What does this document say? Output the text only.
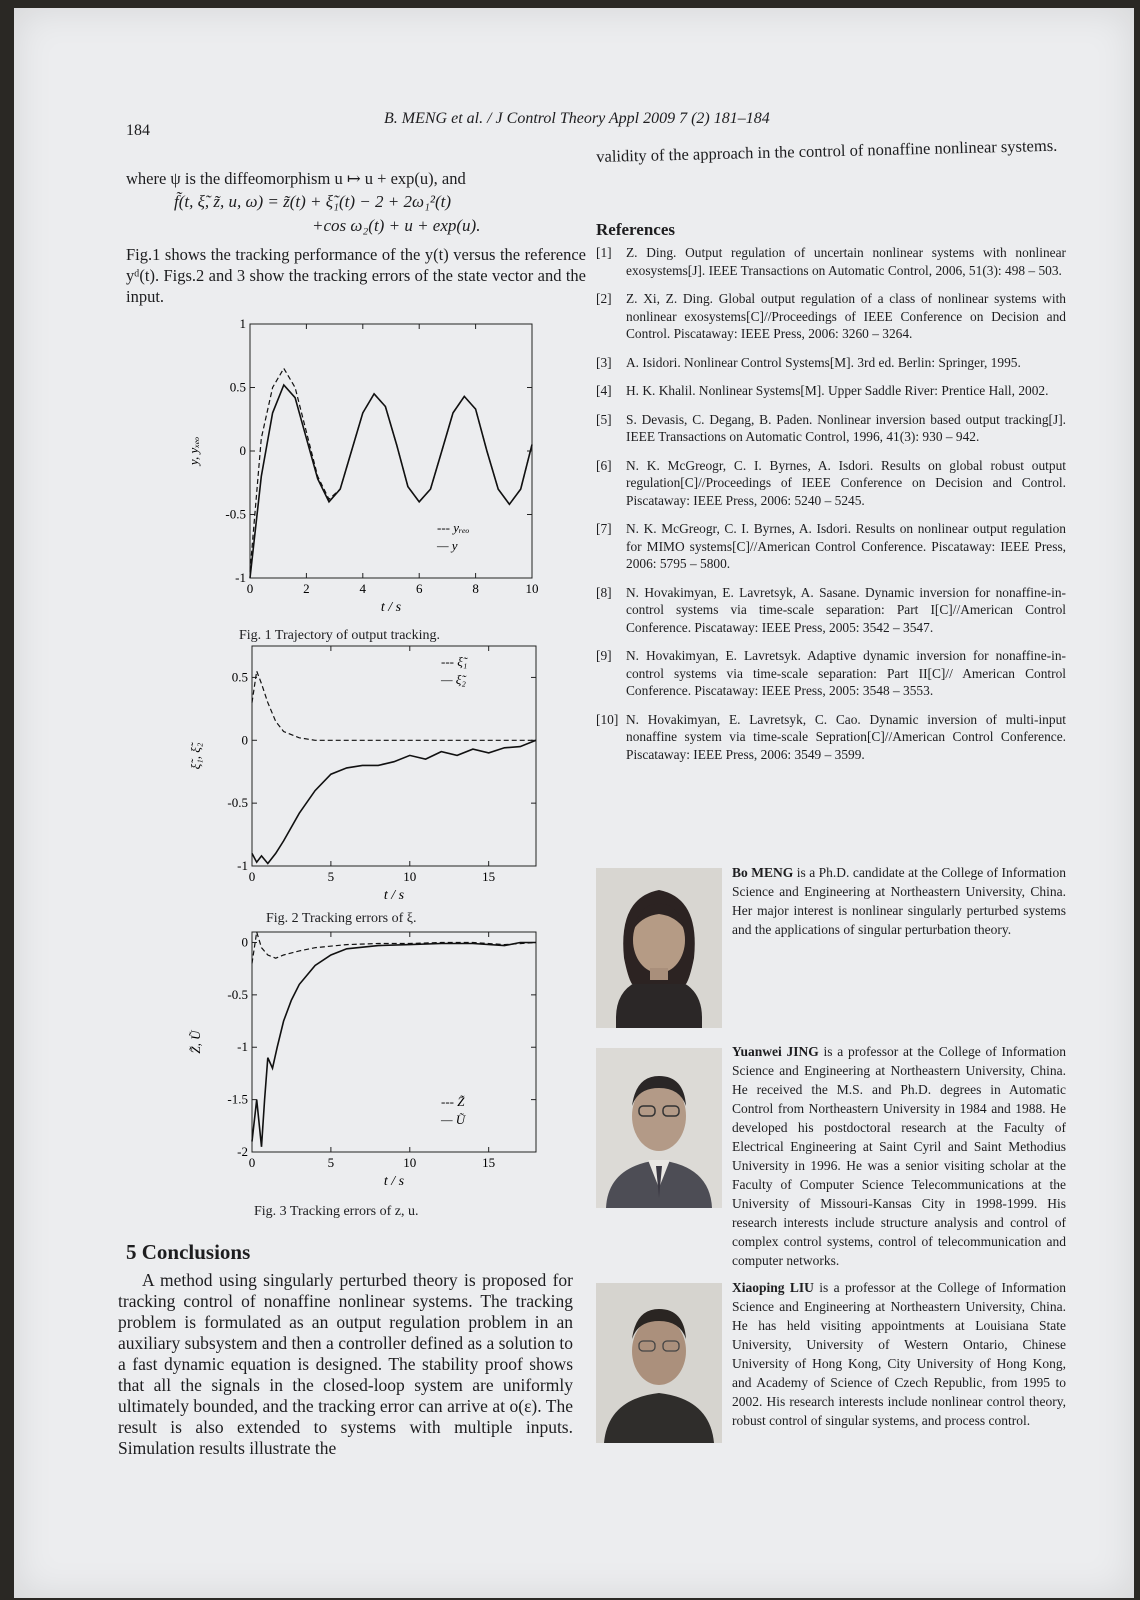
184
B. MENG et al. / J Control Theory Appl 2009 7 (2) 181–184
where ψ is the diffeomorphism u ↦ u + exp(u), and
f̃(t, ξ̃, z̃, u, ω) = z̃(t) + ξ̃₁(t) − 2 + 2ω₁²(t)
+cos ω₂(t) + u + exp(u).
Fig.1 shows the tracking performance of the y(t) versus the reference yᵈ(t). Figs.2 and 3 show the tracking errors of the state vector and the input.
0	2	4	6	8	10
1
0.5
0
-0.5
-1
t / s
y, yₓₑₒ
--- yᵣₑₒ
— y
Fig. 1 Trajectory of output tracking.
0	5	10	15
0.5
0
-0.5
-1
t / s
ξ̃₁, ξ̃₂
--- ξ̃₁
— ξ̃₂
Fig. 2 Tracking errors of ξ.
0	5	10	15
0
-0.5
-1
-1.5
-2
t / s
Z̃, Ũ
--- Z̃
— Ũ
Fig. 3 Tracking errors of z, u.
5 Conclusions
A method using singularly perturbed theory is proposed for tracking control of nonaffine nonlinear systems. The tracking problem is formulated as an output regulation problem in an auxiliary subsystem and then a controller defined as a solution to a fast dynamic equation is designed. The stability proof shows that all the signals in the closed-loop system are uniformly ultimately bounded, and the tracking error can arrive at o(ε). The result is also extended to systems with multiple inputs. Simulation results illustrate the
validity of the approach in the control of nonaffine nonlinear systems.
References
[1]	Z. Ding. Output regulation of uncertain nonlinear systems with nonlinear exosystems[J]. IEEE Transactions on Automatic Control, 2006, 51(3): 498 – 503.
[2]	Z. Xi, Z. Ding. Global output regulation of a class of nonlinear systems with nonlinear exosystems[C]//Proceedings of IEEE Conference on Decision and Control. Piscataway: IEEE Press, 2006: 3260 – 3264.
[3]	A. Isidori. Nonlinear Control Systems[M]. 3rd ed. Berlin: Springer, 1995.
[4]	H. K. Khalil. Nonlinear Systems[M]. Upper Saddle River: Prentice Hall, 2002.
[5]	S. Devasis, C. Degang, B. Paden. Nonlinear inversion based output tracking[J]. IEEE Transactions on Automatic Control, 1996, 41(3): 930 – 942.
[6]	N. K. McGreogr, C. I. Byrnes, A. Isdori. Results on global robust output regulation[C]//Proceedings of IEEE Conference on Decision and Control. Piscataway: IEEE Press, 2006: 5240 – 5245.
[7]	N. K. McGreogr, C. I. Byrnes, A. Isdori. Results on nonlinear output regulation for MIMO systems[C]//American Control Conference. Piscataway: IEEE Press, 2006: 5795 – 5800.
[8]	N. Hovakimyan, E. Lavretsyk, A. Sasane. Dynamic inversion for nonaffine-in-control systems via time-scale separation: Part I[C]//American Control Conference. Piscataway: IEEE Press, 2005: 3542 – 3547.
[9]	N. Hovakimyan, E. Lavretsyk. Adaptive dynamic inversion for nonaffine-in-control systems via time-scale separation: Part II[C]// American Control Conference. Piscataway: IEEE Press, 2005: 3548 – 3553.
[10] N. Hovakimyan, E. Lavretsyk, C. Cao. Dynamic inversion of multi-input nonaffine system via time-scale Sepration[C]//American Control Conference. Piscataway: IEEE Press, 2006: 3549 – 3599.
Bo MENG is a Ph.D. candidate at the College of Information Science and Engineering at Northeastern University, China. Her major interest is nonlinear singularly perturbed systems and the applications of singular perturbation theory.
Yuanwei JING is a professor at the College of Information Science and Engineering at Northeastern University, China. He received the M.S. and Ph.D. degrees in Automatic Control from Northeastern University in 1984 and 1988. He developed his postdoctoral research at the Faculty of Electrical Engineering at Saint Cyril and Saint Methodius University in 1996. He was a senior visiting scholar at the Faculty of Computer Science Telecommunications at the University of Missouri-Kansas City in 1998-1999. His research interests include structure analysis and control of complex control systems, control of telecommunication and computer networks.
Xiaoping LIU is a professor at the College of Information Science and Engineering at Northeastern University, China. He has held visiting appointments at Louisiana State University, University of Western Ontario, Chinese University of Hong Kong, City University of Hong Kong, and Academy of Science of Czech Republic, from 1995 to 2002. His research interests include nonlinear control theory, robust control of singular systems, and process control.
